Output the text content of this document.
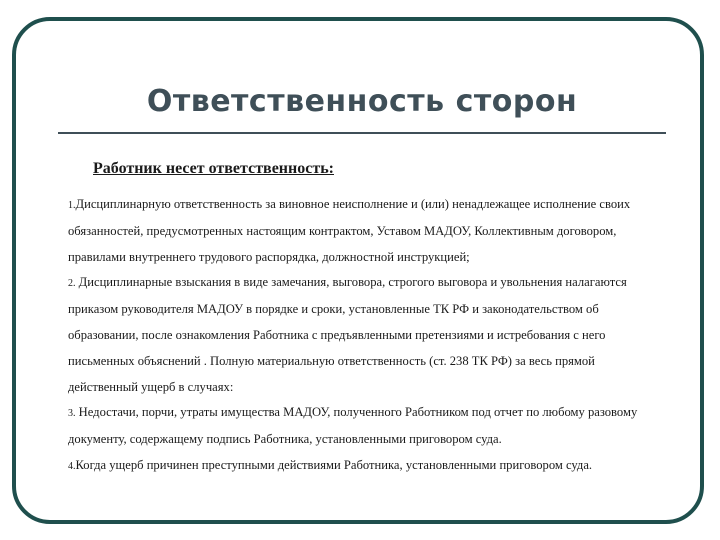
Ответственность сторон

Работник несет ответственность:

1.Дисциплинарную ответственность за виновное неисполнение и (или) ненадлежащее исполнение своих обязанностей, предусмотренных настоящим контрактом, Уставом МАДОУ, Коллективным договором, правилами внутреннего трудового распорядка, должностной инструкцией;

2. Дисциплинарные взыскания в виде замечания, выговора, строгого выговора и увольнения налагаются приказом руководителя МАДОУ в порядке и сроки, установленные ТК РФ и законодательством об образовании, после ознакомления Работника с предъявленными претензиями и истребования с него письменных объяснений . Полную материальную ответственность (ст. 238 ТК РФ) за весь прямой действенный ущерб в случаях:

3. Недостачи, порчи, утраты имущества МАДОУ, полученного Работником под отчет по любому разовому документу, содержащему подпись Работника, установленными приговором суда.

4.Когда ущерб причинен преступными действиями Работника, установленными приговором суда.
